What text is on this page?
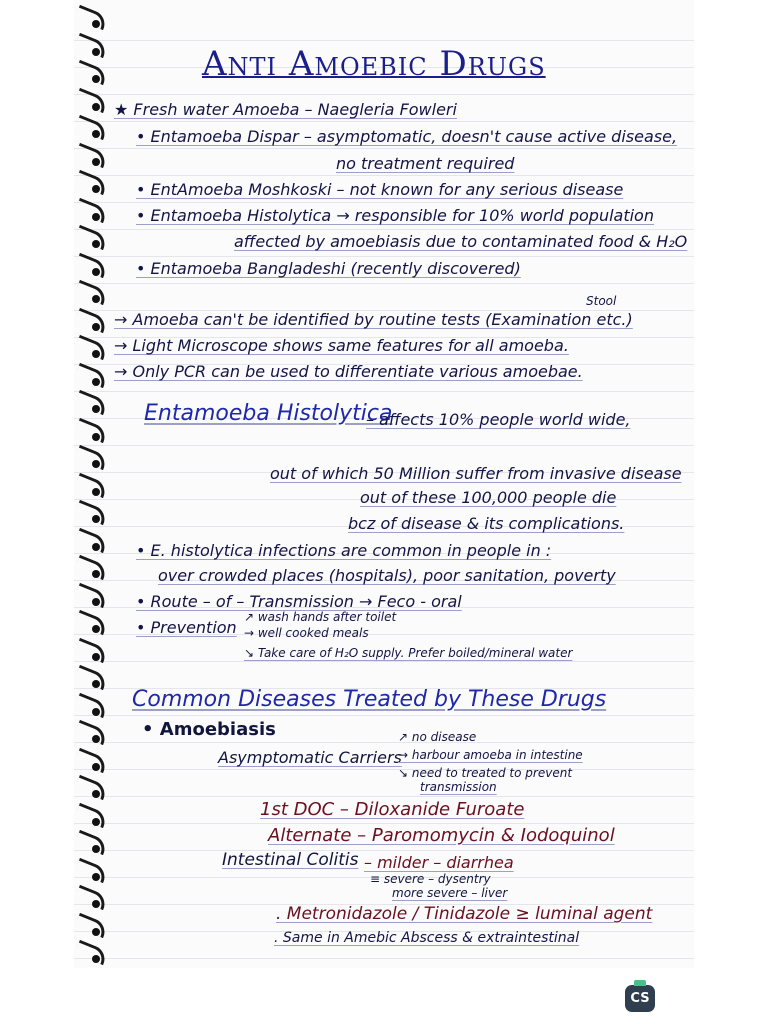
Anti Amoebic Drugs
★ Fresh water Amoeba – Naegleria Fowleri
• Entamoeba Dispar – asymptomatic, doesn't cause active disease,
no treatment required
• EntAmoeba Moshkoski – not known for any serious disease
• Entamoeba Histolytica → responsible for 10% world population
affected by amoebiasis due to contaminated food & H₂O
• Entamoeba Bangladeshi (recently discovered)
Stool
→ Amoeba can't be identified by routine tests (Examination etc.)
→ Light Microscope shows same features for all amoeba.
→ Only PCR can be used to differentiate various amoebae.
Entamoeba Histolytica
– affects 10% people world wide,
out of which 50 Million suffer from invasive disease
out of these 100,000 people die
bcz of disease & its complications.
• E. histolytica infections are common in people in :
over crowded places (hospitals), poor sanitation, poverty
• Route – of – Transmission → Feco - oral
• Prevention
↗ wash hands after toilet
→ well cooked meals
↘ Take care of H₂O supply. Prefer boiled/mineral water
Common Diseases Treated by These Drugs
• Amoebiasis
Asymptomatic Carriers
↗ no disease
→ harbour amoeba in intestine
↘ need to treated to prevent
transmission
1st DOC – Diloxanide Furoate
Alternate – Paromomycin & Iodoquinol
Intestinal Colitis – milder – diarrhea
≡ severe – dysentry
more severe – liver
. Metronidazole / Tinidazole ≥ luminal agent
. Same in Amebic Abscess & extraintestinal
CS
